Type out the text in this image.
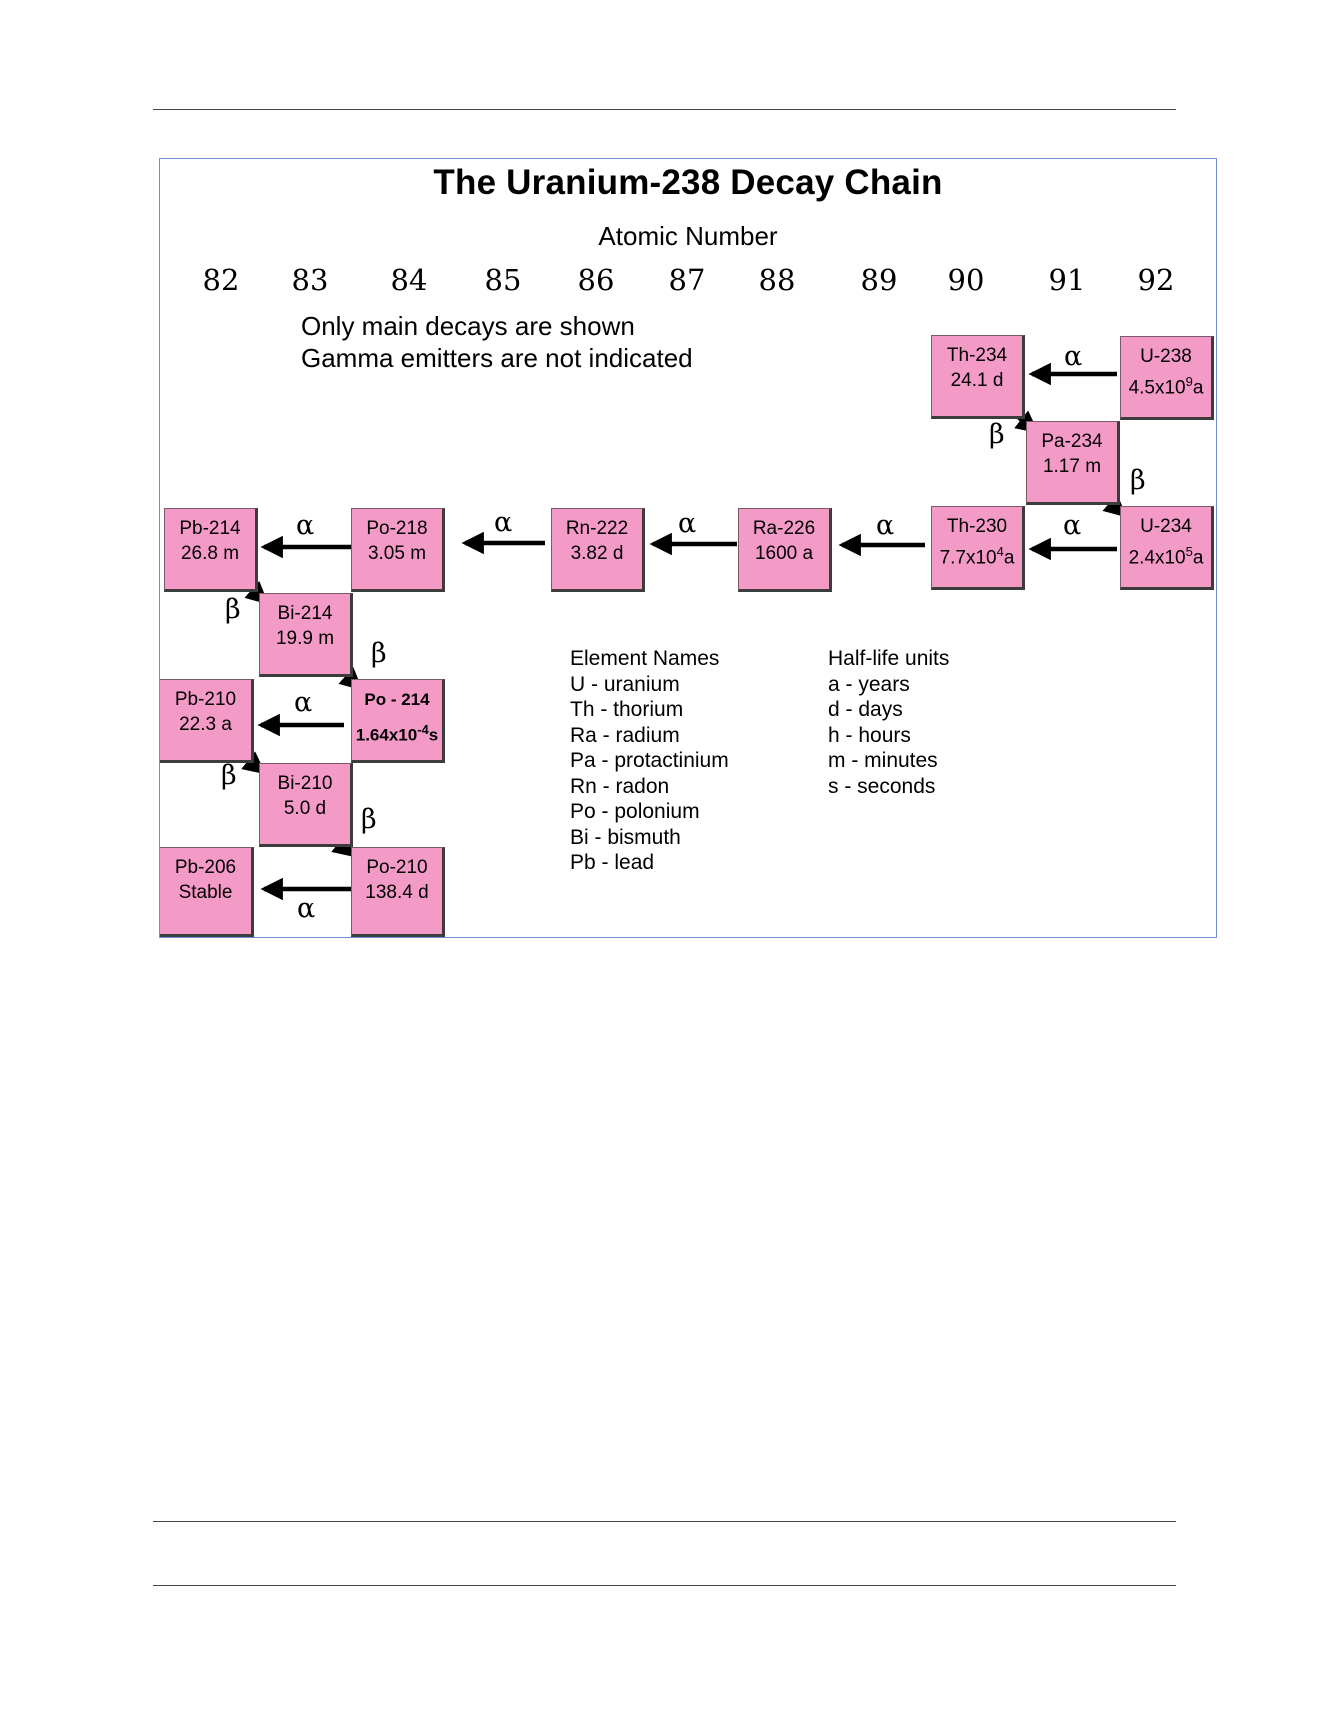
The Uranium-238 Decay Chain
Atomic Number
82	83	84	85	86	87	88	89	90	91	92
Only main decays are shown
Gamma emitters are not indicated	U-238
$4.5x10^9a$
Th-234
24.1 d
Pa-234
1.17 m
U-234
$2.4x10^5a$
Th-230
$7.7x10^4a$
Ra-226
1600 a
Rn-222
3.82 d
Po-218
3.05 m
Pb-214
26.8 m
Bi-214
19.9 m
Po - 214
$1.64x10^{-4}s$
Pb-210
22.3 a
Bi-210
5.0 d
Po-210
138.4 d
Pb-206
Stable
α
β
β
α
α
α
α
α
β
β
α
β
β
α
Element Names
U - uranium
Th - thorium
Ra - radium
Pa - protactinium
Rn - radon
Po - polonium
Bi - bismuth
Pb - lead
Half-life units
a - years
d - days
h - hours
m - minutes
s - seconds
